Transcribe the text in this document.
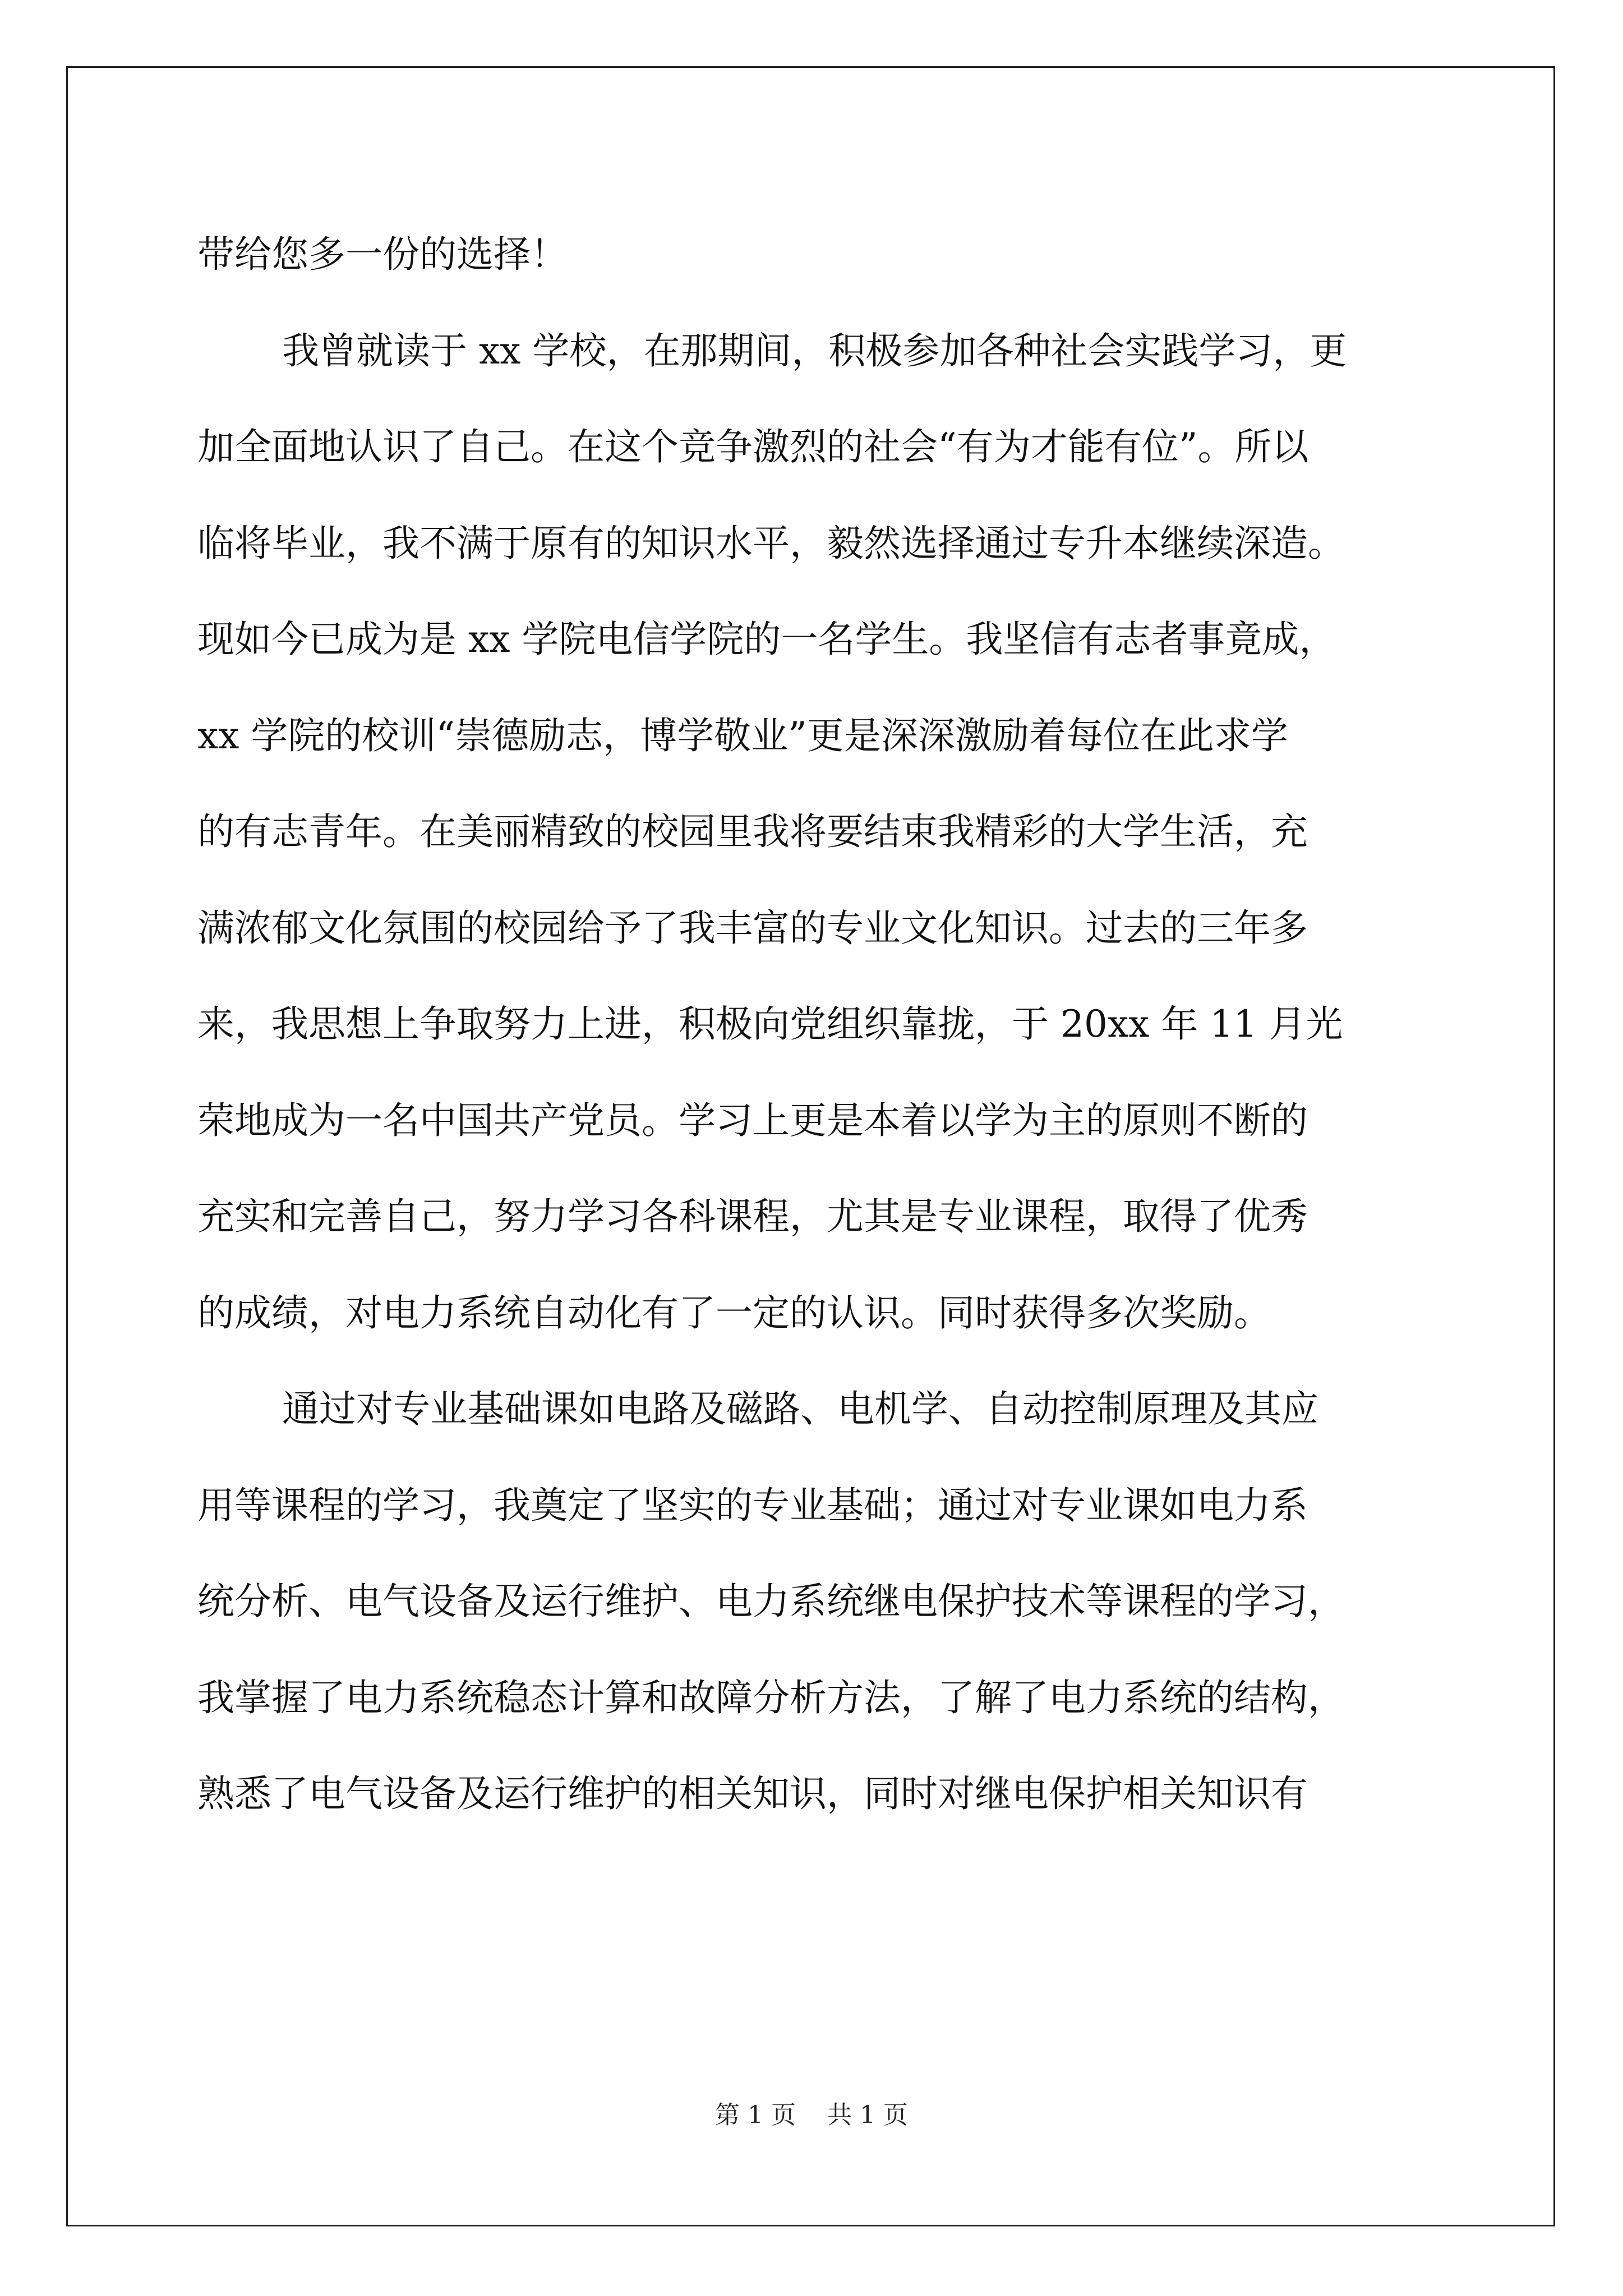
带给您多一份的选择！
我曾就读于 xx 学校，在那期间，积极参加各种社会实践学习，更
加全面地认识了自己。在这个竞争激烈的社会“有为才能有位”。所以
临将毕业，我不满于原有的知识水平，毅然选择通过专升本继续深造。
现如今已成为是 xx 学院电信学院的一名学生。我坚信有志者事竟成，
xx 学院的校训“崇德励志，博学敬业”更是深深激励着每位在此求学
的有志青年。在美丽精致的校园里我将要结束我精彩的大学生活，充
满浓郁文化氛围的校园给予了我丰富的专业文化知识。过去的三年多
来，我思想上争取努力上进，积极向党组织靠拢，于 20xx 年 11 月光
荣地成为一名中国共产党员。学习上更是本着以学为主的原则不断的
充实和完善自己，努力学习各科课程，尤其是专业课程，取得了优秀
的成绩，对电力系统自动化有了一定的认识。同时获得多次奖励。
通过对专业基础课如电路及磁路、电机学、自动控制原理及其应
用等课程的学习，我奠定了坚实的专业基础；通过对专业课如电力系
统分析、电气设备及运行维护、电力系统继电保护技术等课程的学习，
我掌握了电力系统稳态计算和故障分析方法，了解了电力系统的结构，
熟悉了电气设备及运行维护的相关知识，同时对继电保护相关知识有
第 1 页    共 1 页
